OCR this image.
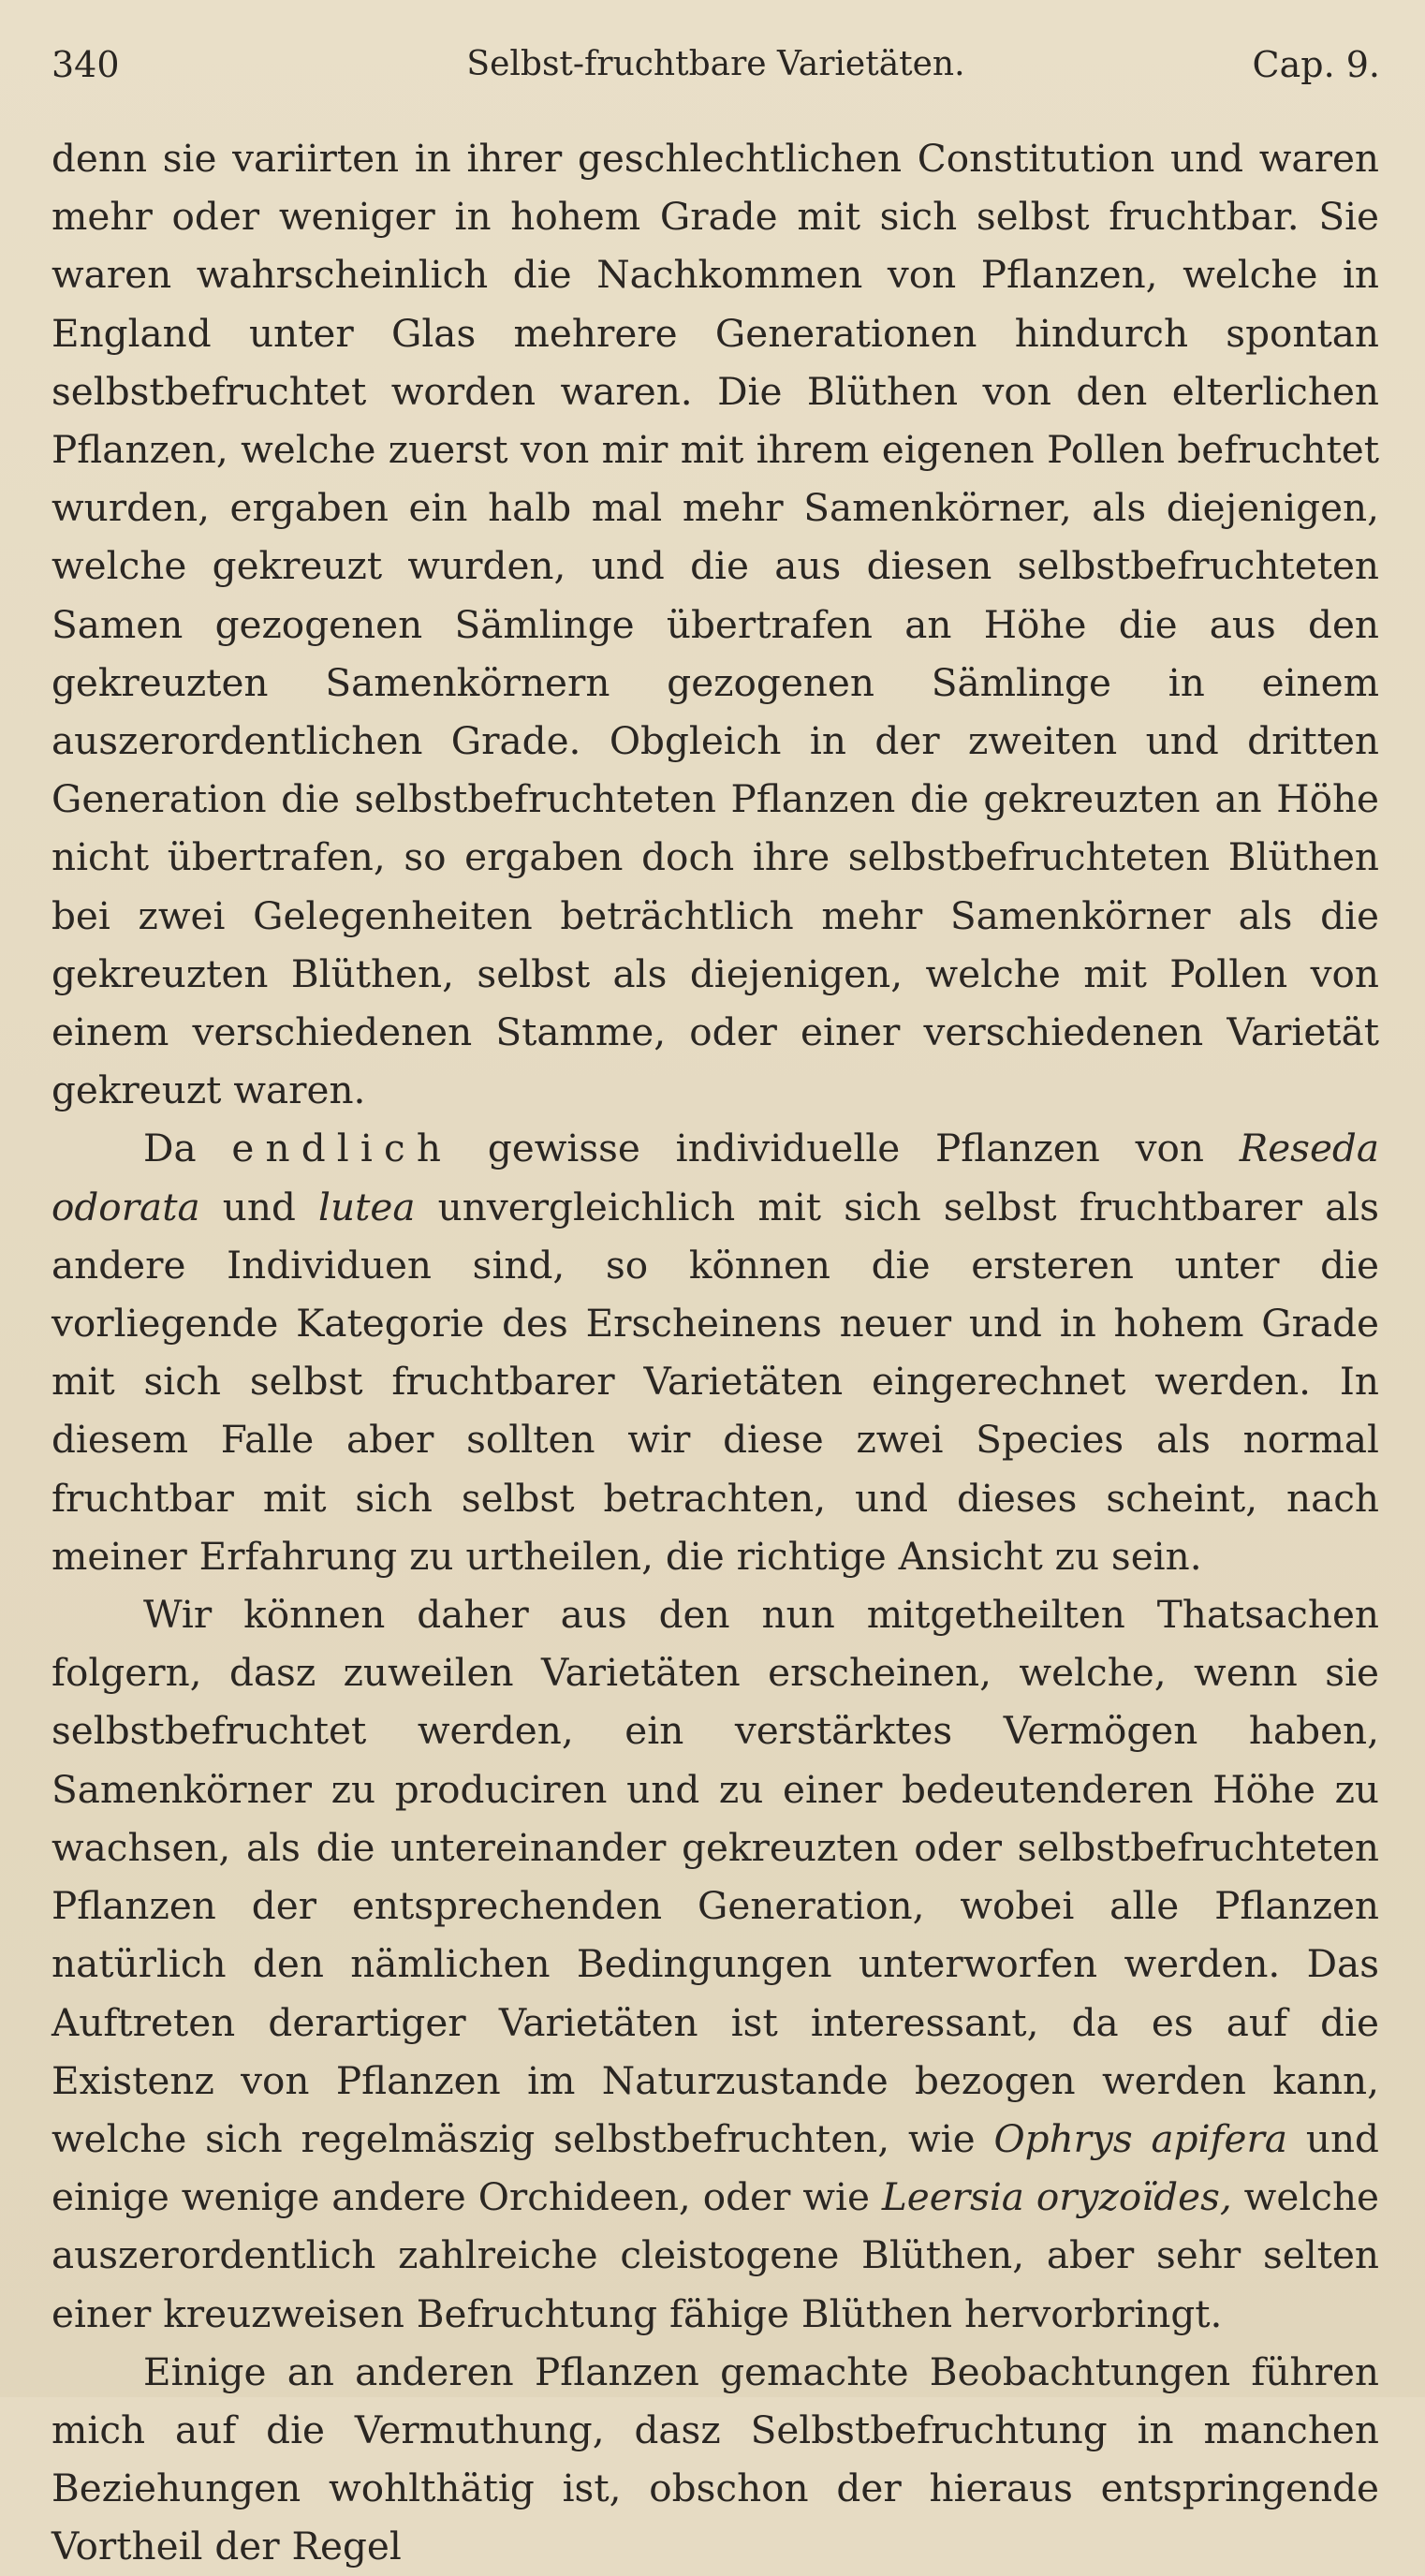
340	Selbst-fruchtbare Varietäten.	Cap. 9.

denn sie variirten in ihrer geschlechtlichen Constitution und waren mehr oder weniger in hohem Grade mit sich selbst fruchtbar. Sie waren wahrscheinlich die Nachkommen von Pflanzen, welche in England unter Glas mehrere Generationen hindurch spontan selbstbefruchtet worden waren. Die Blüthen von den elterlichen Pflanzen, welche zuerst von mir mit ihrem eigenen Pollen befruchtet wurden, ergaben ein halb mal mehr Samenkörner, als diejenigen, welche gekreuzt wurden, und die aus diesen selbstbefruchteten Samen gezogenen Sämlinge übertrafen an Höhe die aus den gekreuzten Samenkörnern gezogenen Sämlinge in einem auszerordentlichen Grade. Obgleich in der zweiten und dritten Generation die selbstbefruchteten Pflanzen die gekreuzten an Höhe nicht übertrafen, so ergaben doch ihre selbstbefruchteten Blüthen bei zwei Gelegenheiten beträchtlich mehr Samenkörner als die gekreuzten Blüthen, selbst als diejenigen, welche mit Pollen von einem verschiedenen Stamme, oder einer verschiedenen Varietät gekreuzt waren.

Da endlich gewisse individuelle Pflanzen von Reseda odorata und lutea unvergleichlich mit sich selbst fruchtbarer als andere Individuen sind, so können die ersteren unter die vorliegende Kategorie des Erscheinens neuer und in hohem Grade mit sich selbst fruchtbarer Varietäten eingerechnet werden. In diesem Falle aber sollten wir diese zwei Species als normal fruchtbar mit sich selbst betrachten, und dieses scheint, nach meiner Erfahrung zu urtheilen, die richtige Ansicht zu sein.

Wir können daher aus den nun mitgetheilten Thatsachen folgern, dasz zuweilen Varietäten erscheinen, welche, wenn sie selbstbefruchtet werden, ein verstärktes Vermögen haben, Samenkörner zu produciren und zu einer bedeutenderen Höhe zu wachsen, als die untereinander gekreuzten oder selbstbefruchteten Pflanzen der entsprechenden Generation, wobei alle Pflanzen natürlich den nämlichen Bedingungen unterworfen werden. Das Auftreten derartiger Varietäten ist interessant, da es auf die Existenz von Pflanzen im Naturzustande bezogen werden kann, welche sich regelmäszig selbstbefruchten, wie Ophrys apifera und einige wenige andere Orchideen, oder wie Leersia oryzoïdes, welche auszerordentlich zahlreiche cleistogene Blüthen, aber sehr selten einer kreuzweisen Befruchtung fähige Blüthen hervorbringt.

Einige an anderen Pflanzen gemachte Beobachtungen führen mich auf die Vermuthung, dasz Selbstbefruchtung in manchen Beziehungen wohlthätig ist, obschon der hieraus entspringende Vortheil der Regel
